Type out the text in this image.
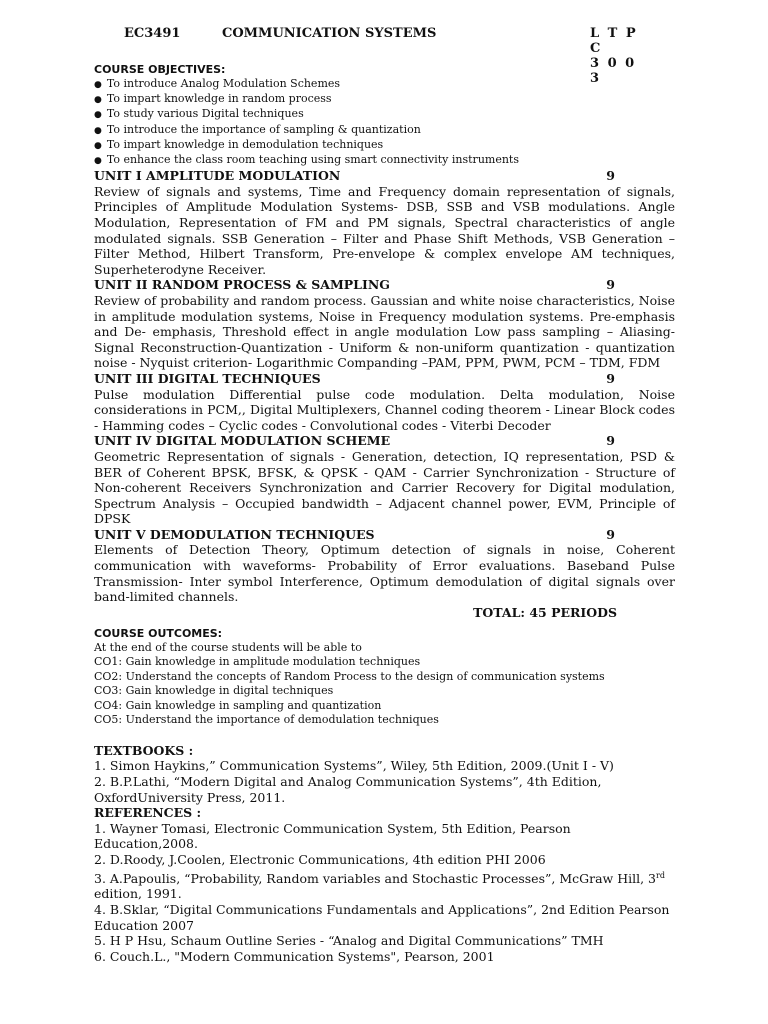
EC3491	COMMUNICATION SYSTEMS	L T P C
3 0 0 3

COURSE OBJECTIVES:

● To introduce Analog Modulation Schemes
● To impart knowledge in random process
● To study various Digital techniques
● To introduce the importance of sampling & quantization
● To impart knowledge in demodulation techniques
● To enhance the class room teaching using smart connectivity instruments
UNIT I AMPLITUDE MODULATION	9

Review of signals and systems, Time and Frequency domain representation of signals, Principles of Amplitude Modulation Systems- DSB, SSB and VSB modulations. Angle Modulation, Representation of FM and PM signals, Spectral characteristics of angle modulated signals. SSB Generation – Filter and Phase Shift Methods, VSB Generation – Filter Method, Hilbert Transform, Pre-envelope & complex envelope AM techniques, Superheterodyne Receiver.

UNIT II RANDOM PROCESS & SAMPLING	9

Review of probability and random process. Gaussian and white noise characteristics, Noise in amplitude modulation systems, Noise in Frequency modulation systems. Pre-emphasis and De- emphasis, Threshold effect in angle modulation Low pass sampling – Aliasing- Signal Reconstruction-Quantization - Uniform & non-uniform quantization - quantization noise - Nyquist criterion- Logarithmic Companding –PAM, PPM, PWM, PCM – TDM, FDM

UNIT III DIGITAL TECHNIQUES	9

Pulse modulation Differential pulse code modulation. Delta modulation, Noise considerations in PCM,, Digital Multiplexers, Channel coding theorem - Linear Block codes - Hamming codes – Cyclic codes - Convolutional codes - Viterbi Decoder

UNIT IV DIGITAL MODULATION SCHEME	9

Geometric Representation of signals - Generation, detection, IQ representation, PSD & BER of Coherent BPSK, BFSK, & QPSK - QAM - Carrier Synchronization - Structure of Non-coherent Receivers Synchronization and Carrier Recovery for Digital modulation, Spectrum Analysis – Occupied bandwidth – Adjacent channel power, EVM, Principle of DPSK

UNIT V DEMODULATION TECHNIQUES	9

Elements of Detection Theory, Optimum detection of signals in noise, Coherent communication with waveforms- Probability of Error evaluations. Baseband Pulse Transmission- Inter symbol Interference, Optimum demodulation of digital signals over band-limited channels.

TOTAL: 45 PERIODS

COURSE OUTCOMES:

At the end of the course students will be able to

CO1: Gain knowledge in amplitude modulation techniques

CO2: Understand the concepts of Random Process to the design of communication systems

CO3: Gain knowledge in digital techniques

CO4: Gain knowledge in sampling and quantization

CO5: Understand the importance of demodulation techniques

TEXTBOOKS :

1. Simon Haykins,” Communication Systems”, Wiley, 5th Edition, 2009.(Unit I - V)

2. B.P.Lathi, “Modern Digital and Analog Communication Systems”, 4th Edition, OxfordUniversity Press, 2011.

REFERENCES :

1. Wayner Tomasi, Electronic Communication System, 5th Edition, Pearson Education,2008.

2. D.Roody, J.Coolen, Electronic Communications, 4th edition PHI 2006

3. A.Papoulis, “Probability, Random variables and Stochastic Processes”, McGraw Hill, 3rd edition, 1991.

4. B.Sklar, “Digital Communications Fundamentals and Applications”, 2nd Edition Pearson Education 2007

5. H P Hsu, Schaum Outline Series - “Analog and Digital Communications” TMH

6. Couch.L., "Modern Communication Systems", Pearson, 2001
